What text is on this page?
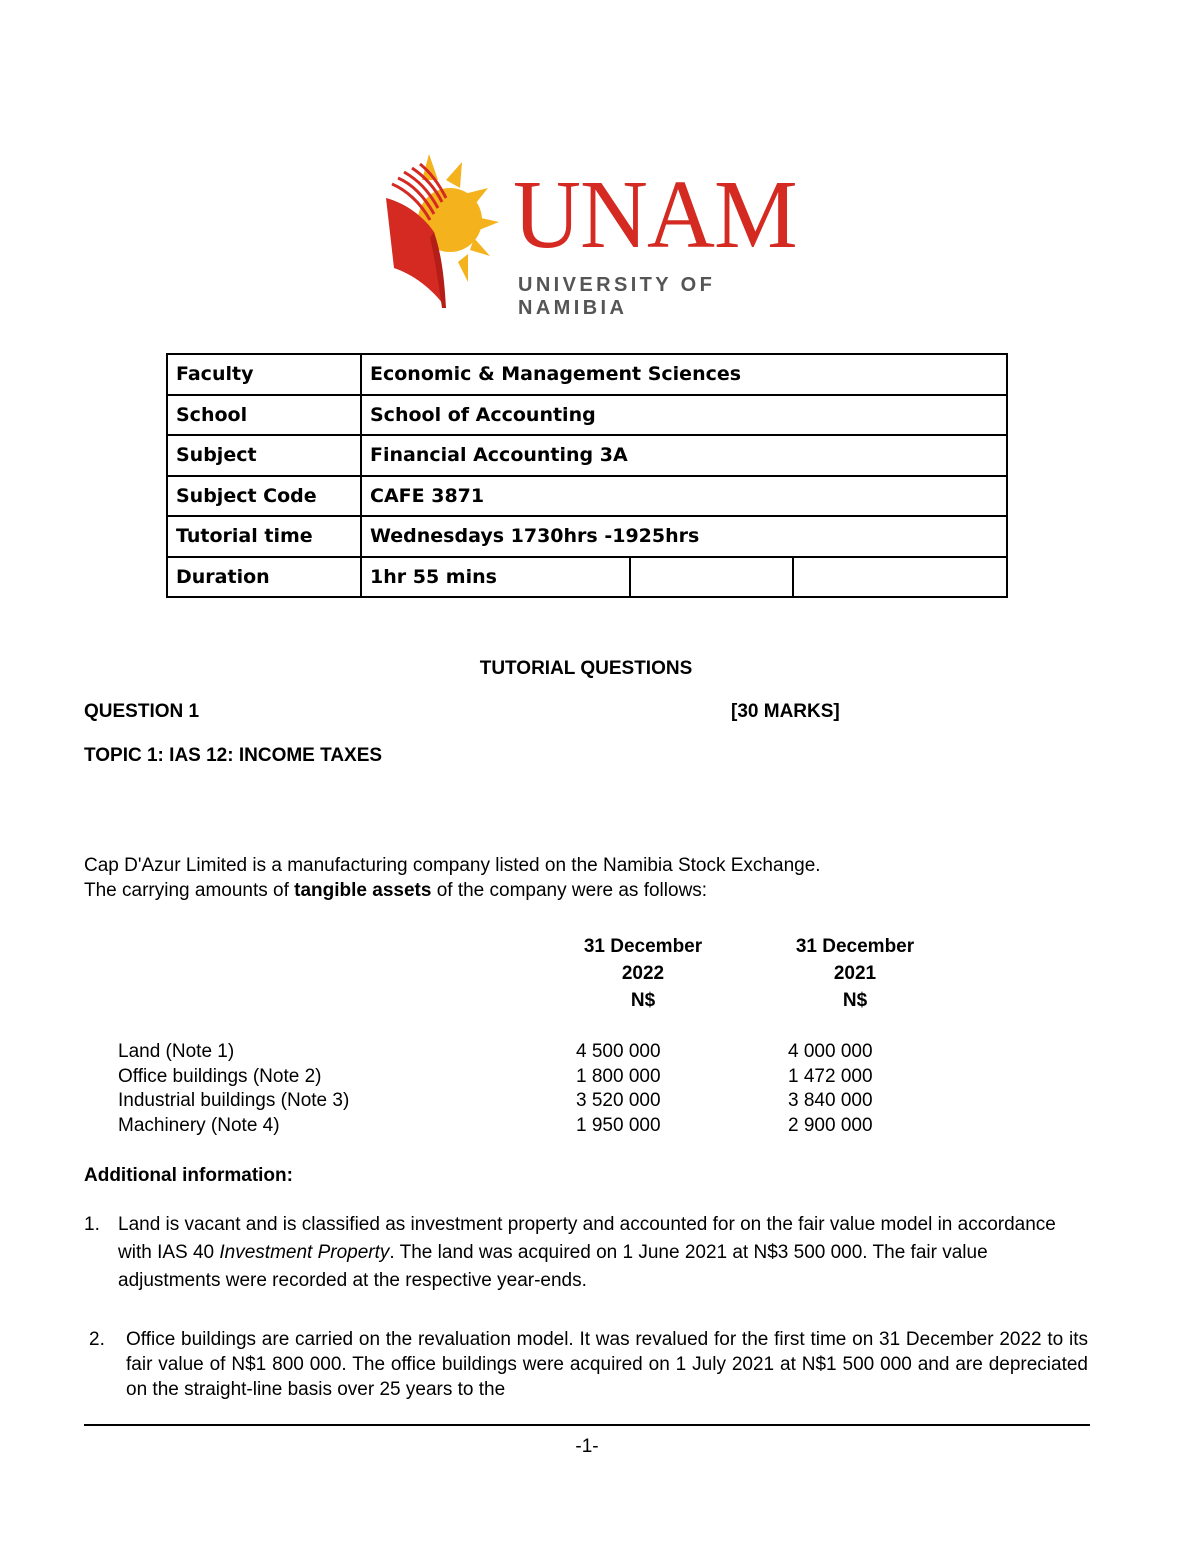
UNAM
UNIVERSITY OF NAMIBIA
Faculty	Economic & Management Sciences		
School	School of Accounting		
Subject	Financial Accounting 3A		
Subject Code	CAFE 3871		
Tutorial time	Wednesdays 1730hrs -1925hrs		
Duration	1hr 55 mins		
TUTORIAL QUESTIONS
QUESTION 1	[30 MARKS]
TOPIC 1: IAS 12: INCOME TAXES
Cap D'Azur Limited is a manufacturing company listed on the Namibia Stock Exchange.
The carrying amounts of tangible assets of the company were as follows:
31 December
2022
N$
31 December
2021
N$
Land (Note 1)	4 500 000	4 000 000
Office buildings (Note 2)	1 800 000	1 472 000
Industrial buildings (Note 3)	3 520 000	3 840 000
Machinery (Note 4)	1 950 000	2 900 000
Additional information:
1. Land is vacant and is classified as investment property and accounted for on the fair value model in accordance with IAS 40 Investment Property. The land was acquired on 1 June 2021 at N$3 500 000. The fair value adjustments were recorded at the respective year-ends.
2. Office buildings are carried on the revaluation model. It was revalued for the first time on 31 December 2022 to its fair value of N$1 800 000. The office buildings were acquired on 1 July 2021 at N$1 500 000 and are depreciated on the straight-line basis over 25 years to the
-1-
